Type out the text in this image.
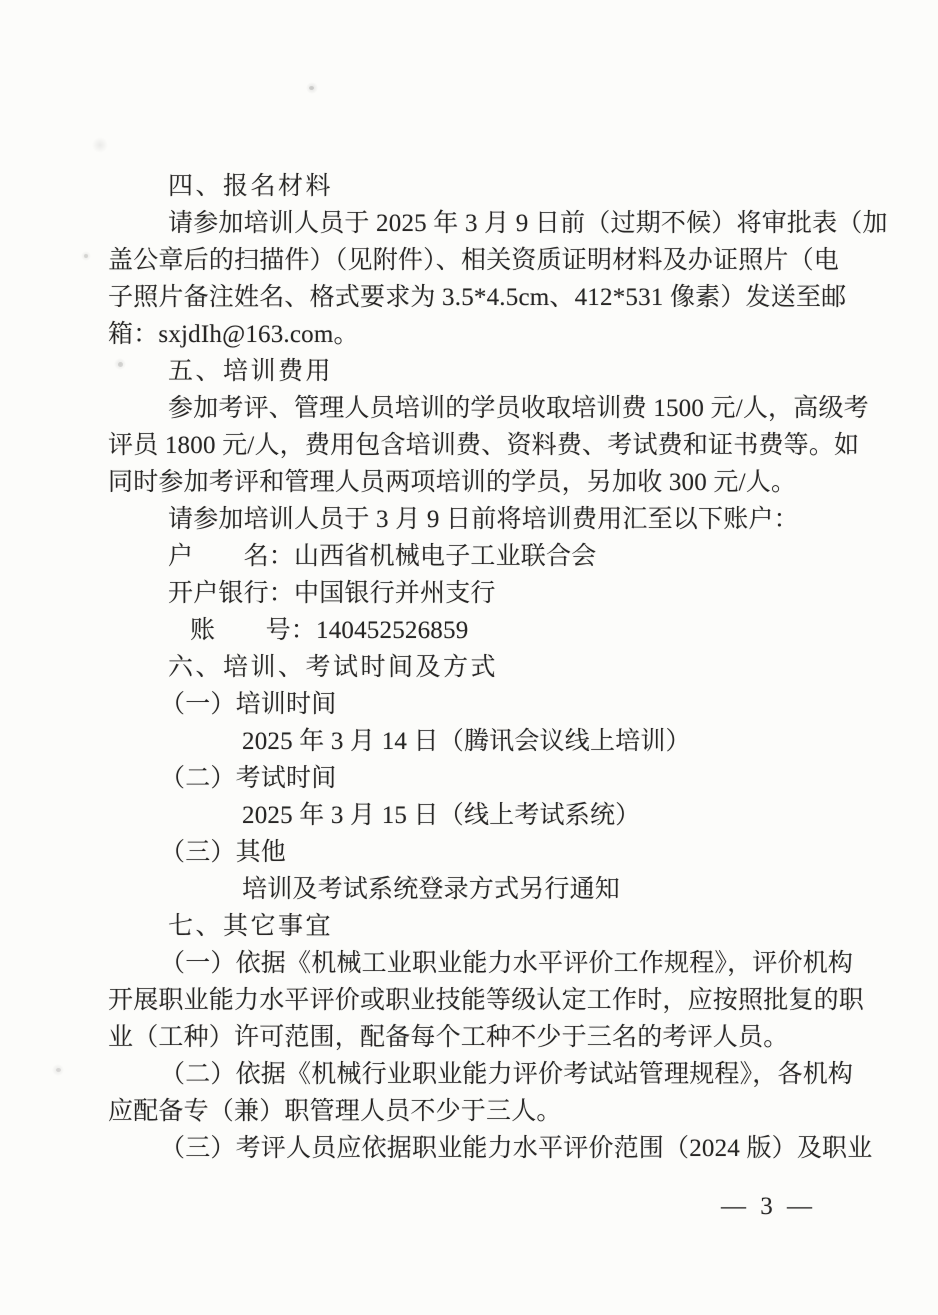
四、报名材料
请参加培训人员于 2025 年 3 月 9 日前（过期不候）将审批表（加
盖公章后的扫描件）（见附件）、相关资质证明材料及办证照片（电
子照片备注姓名、格式要求为 3.5*4.5cm、412*531 像素）发送至邮
箱：sxjdIh@163.com。
五、培训费用
参加考评、管理人员培训的学员收取培训费 1500 元/人，高级考
评员 1800 元/人，费用包含培训费、资料费、考试费和证书费等。如
同时参加考评和管理人员两项培训的学员，另加收 300 元/人。
请参加培训人员于 3 月 9 日前将培训费用汇至以下账户：
户　　名：山西省机械电子工业联合会
开户银行：中国银行并州支行
账　　号：140452526859
六、培训、考试时间及方式
（一）培训时间
2025 年 3 月 14 日（腾讯会议线上培训）
（二）考试时间
2025 年 3 月 15 日（线上考试系统）
（三）其他
培训及考试系统登录方式另行通知
七、其它事宜
（一）依据《机械工业职业能力水平评价工作规程》，评价机构
开展职业能力水平评价或职业技能等级认定工作时，应按照批复的职
业（工种）许可范围，配备每个工种不少于三名的考评人员。
（二）依据《机械行业职业能力评价考试站管理规程》，各机构
应配备专（兼）职管理人员不少于三人。
（三）考评人员应依据职业能力水平评价范围（2024 版）及职业
— 3 —
